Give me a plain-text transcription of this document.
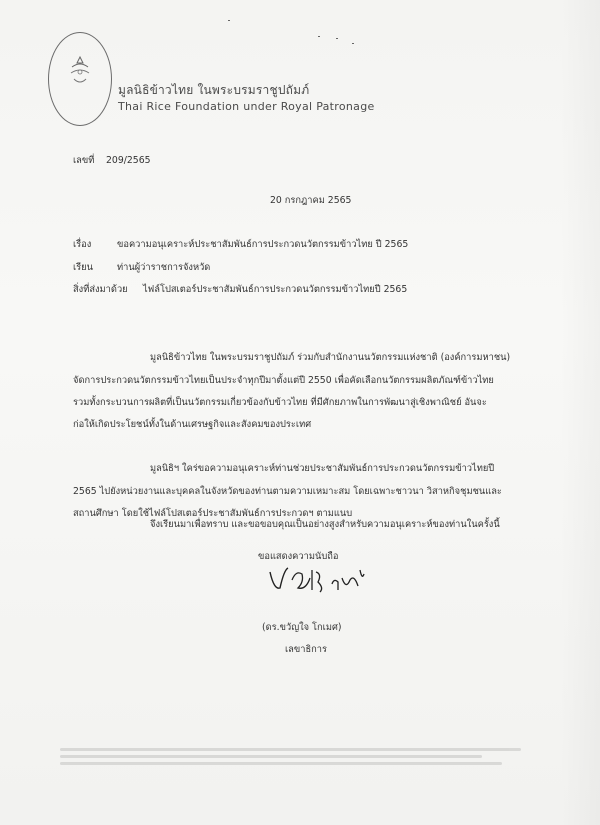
มูลนิธิข้าวไทย ในพระบรมราชูปถัมภ์
Thai Rice Foundation under Royal Patronage
เลขที่ 209/2565
20 กรกฎาคม 2565
เรื่อง	ขอความอนุเคราะห์ประชาสัมพันธ์การประกวดนวัตกรรมข้าวไทย ปี 2565
เรียน	ท่านผู้ว่าราชการจังหวัด
สิ่งที่ส่งมาด้วย ไฟล์โปสเตอร์ประชาสัมพันธ์การประกวดนวัตกรรมข้าวไทยปี 2565
มูลนิธิข้าวไทย ในพระบรมราชูปถัมภ์ ร่วมกับสำนักงานนวัตกรรมแห่งชาติ (องค์การมหาชน)
จัดการประกวดนวัตกรรมข้าวไทยเป็นประจำทุกปีมาตั้งแต่ปี 2550 เพื่อคัดเลือกนวัตกรรมผลิตภัณฑ์ข้าวไทย
รวมทั้งกระบวนการผลิตที่เป็นนวัตกรรมเกี่ยวข้องกับข้าวไทย ที่มีศักยภาพในการพัฒนาสู่เชิงพาณิชย์ อันจะ
ก่อให้เกิดประโยชน์ทั้งในด้านเศรษฐกิจและสังคมของประเทศ
มูลนิธิฯ ใคร่ขอความอนุเคราะห์ท่านช่วยประชาสัมพันธ์การประกวดนวัตกรรมข้าวไทยปี
2565 ไปยังหน่วยงานและบุคคลในจังหวัดของท่านตามความเหมาะสม โดยเฉพาะชาวนา วิสาหกิจชุมชนและ
สถานศึกษา โดยใช้ไฟล์โปสเตอร์ประชาสัมพันธ์การประกวดฯ ตามแนบ
จึงเรียนมาเพื่อทราบ และขอขอบคุณเป็นอย่างสูงสำหรับความอนุเคราะห์ของท่านในครั้งนี้
ขอแสดงความนับถือ
(ดร.ขวัญใจ โกเมศ)
เลขาธิการ
